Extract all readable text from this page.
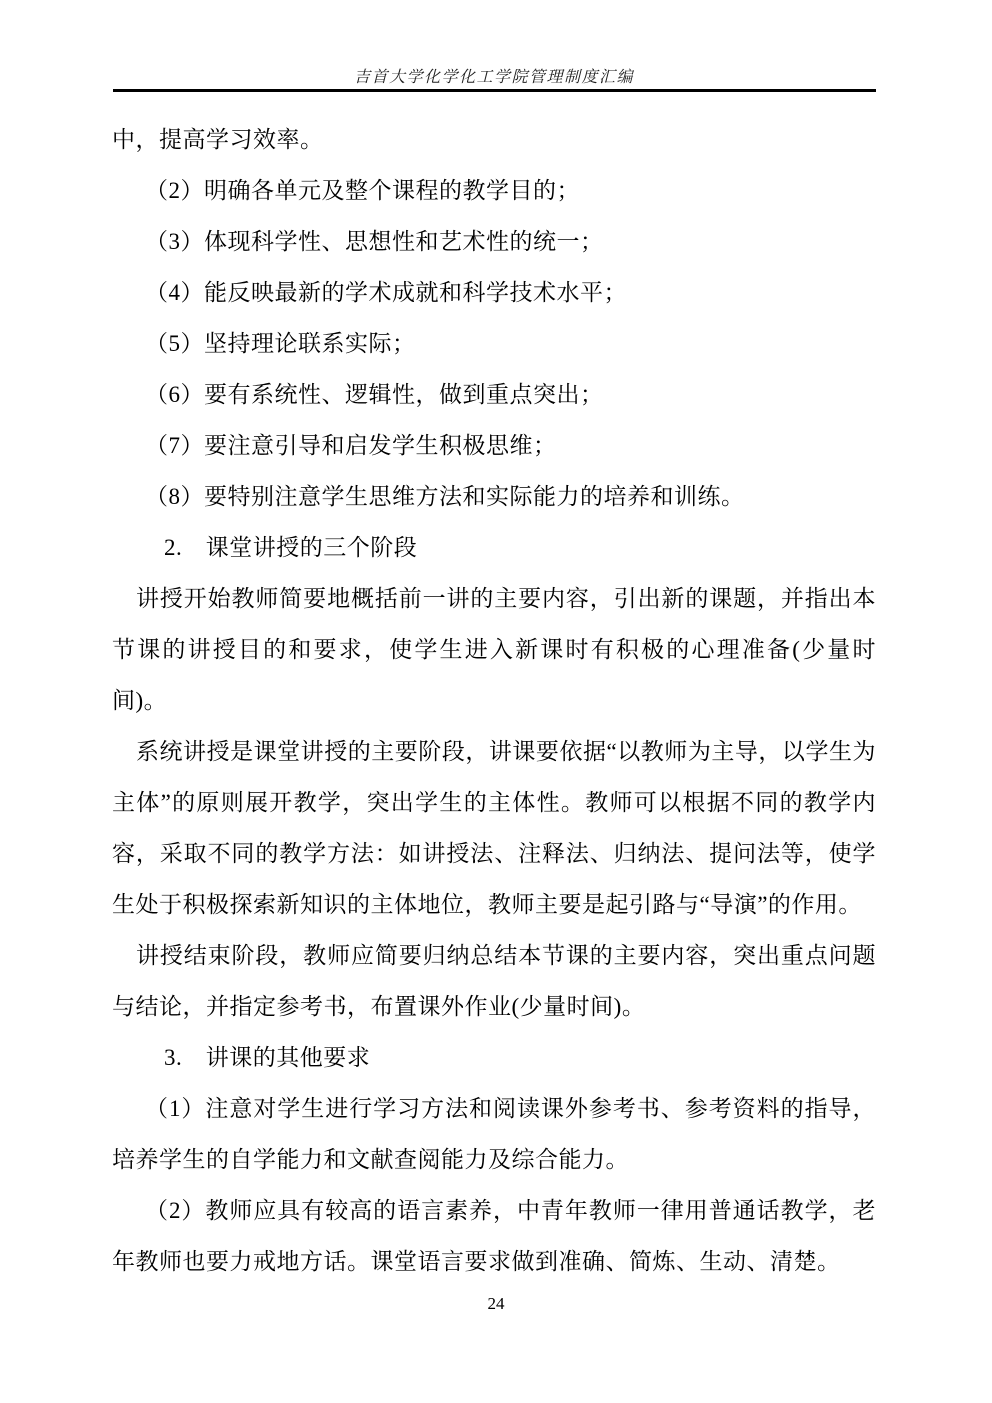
吉首大学化学化工学院管理制度汇编

中，提高学习效率。

（2）明确各单元及整个课程的教学目的；

（3）体现科学性、思想性和艺术性的统一；

（4）能反映最新的学术成就和科学技术水平；

（5）坚持理论联系实际；

（6）要有系统性、逻辑性，做到重点突出；

（7）要注意引导和启发学生积极思维；

（8）要特别注意学生思维方法和实际能力的培养和训练。

2.　课堂讲授的三个阶段

讲授开始教师简要地概括前一讲的主要内容，引出新的课题，并指出本节课的讲授目的和要求，使学生进入新课时有积极的心理准备(少量时间)。

系统讲授是课堂讲授的主要阶段，讲课要依据“以教师为主导，以学生为主体”的原则展开教学，突出学生的主体性。教师可以根据不同的教学内容，采取不同的教学方法：如讲授法、注释法、归纳法、提问法等，使学生处于积极探索新知识的主体地位，教师主要是起引路与“导演”的作用。

讲授结束阶段，教师应简要归纳总结本节课的主要内容，突出重点问题与结论，并指定参考书，布置课外作业(少量时间)。

3.　讲课的其他要求

（1）注意对学生进行学习方法和阅读课外参考书、参考资料的指导，培养学生的自学能力和文献查阅能力及综合能力。

（2）教师应具有较高的语言素养，中青年教师一律用普通话教学，老年教师也要力戒地方话。课堂语言要求做到准确、简炼、生动、清楚。

24
